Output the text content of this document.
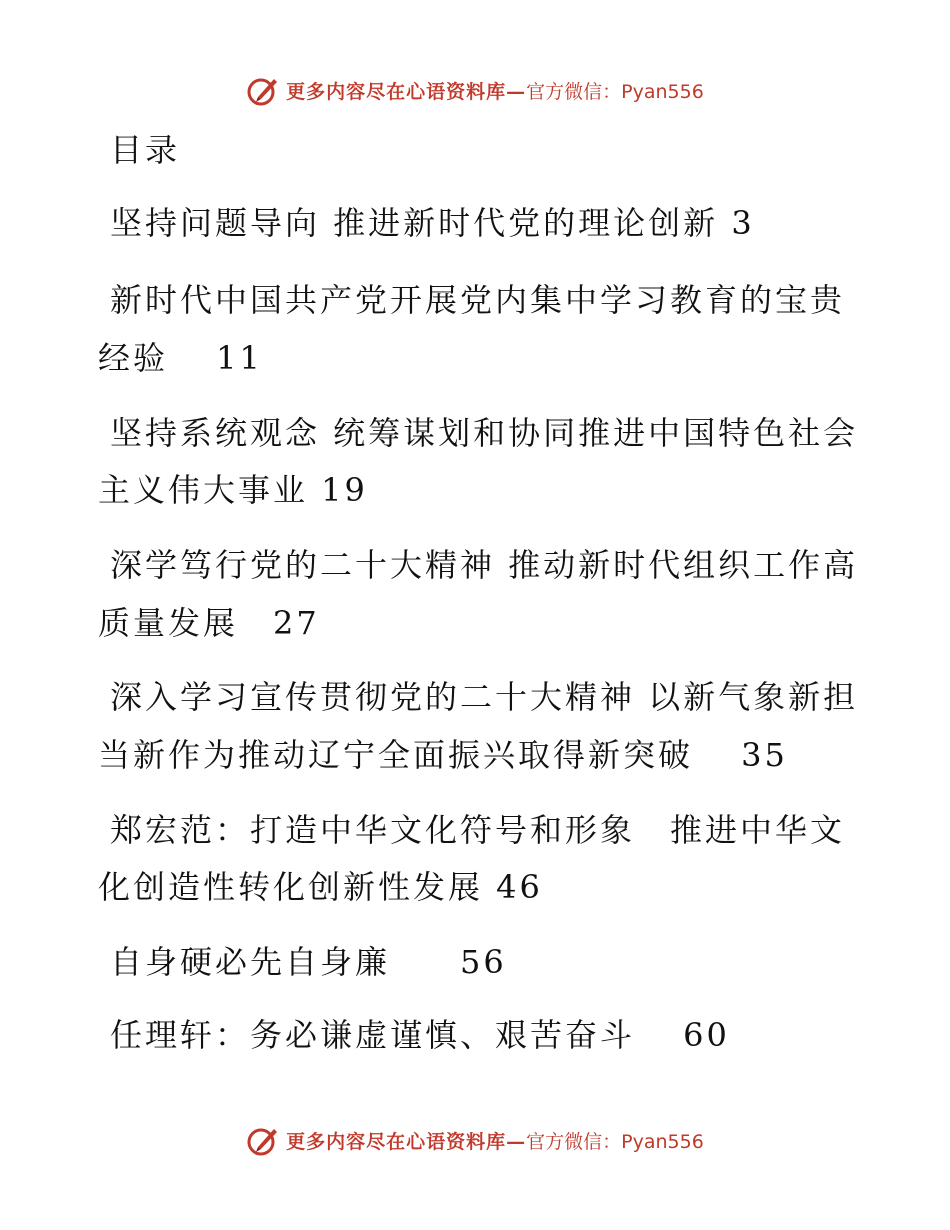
更多内容尽在心语资料库— 官方微信：Pyan556
目录
坚持问题导向 推进新时代党的理论创新 3
新时代中国共产党开展党内集中学习教育的宝贵
经验　 11
坚持系统观念 统筹谋划和协同推进中国特色社会
主义伟大事业 19
深学笃行党的二十大精神 推动新时代组织工作高
质量发展　27
深入学习宣传贯彻党的二十大精神 以新气象新担
当新作为推动辽宁全面振兴取得新突破　 35
郑宏范：打造中华文化符号和形象　推进中华文
化创造性转化创新性发展 46
自身硬必先自身廉　　56
任理轩：务必谦虚谨慎、艰苦奋斗　 60
更多内容尽在心语资料库— 官方微信：Pyan556
